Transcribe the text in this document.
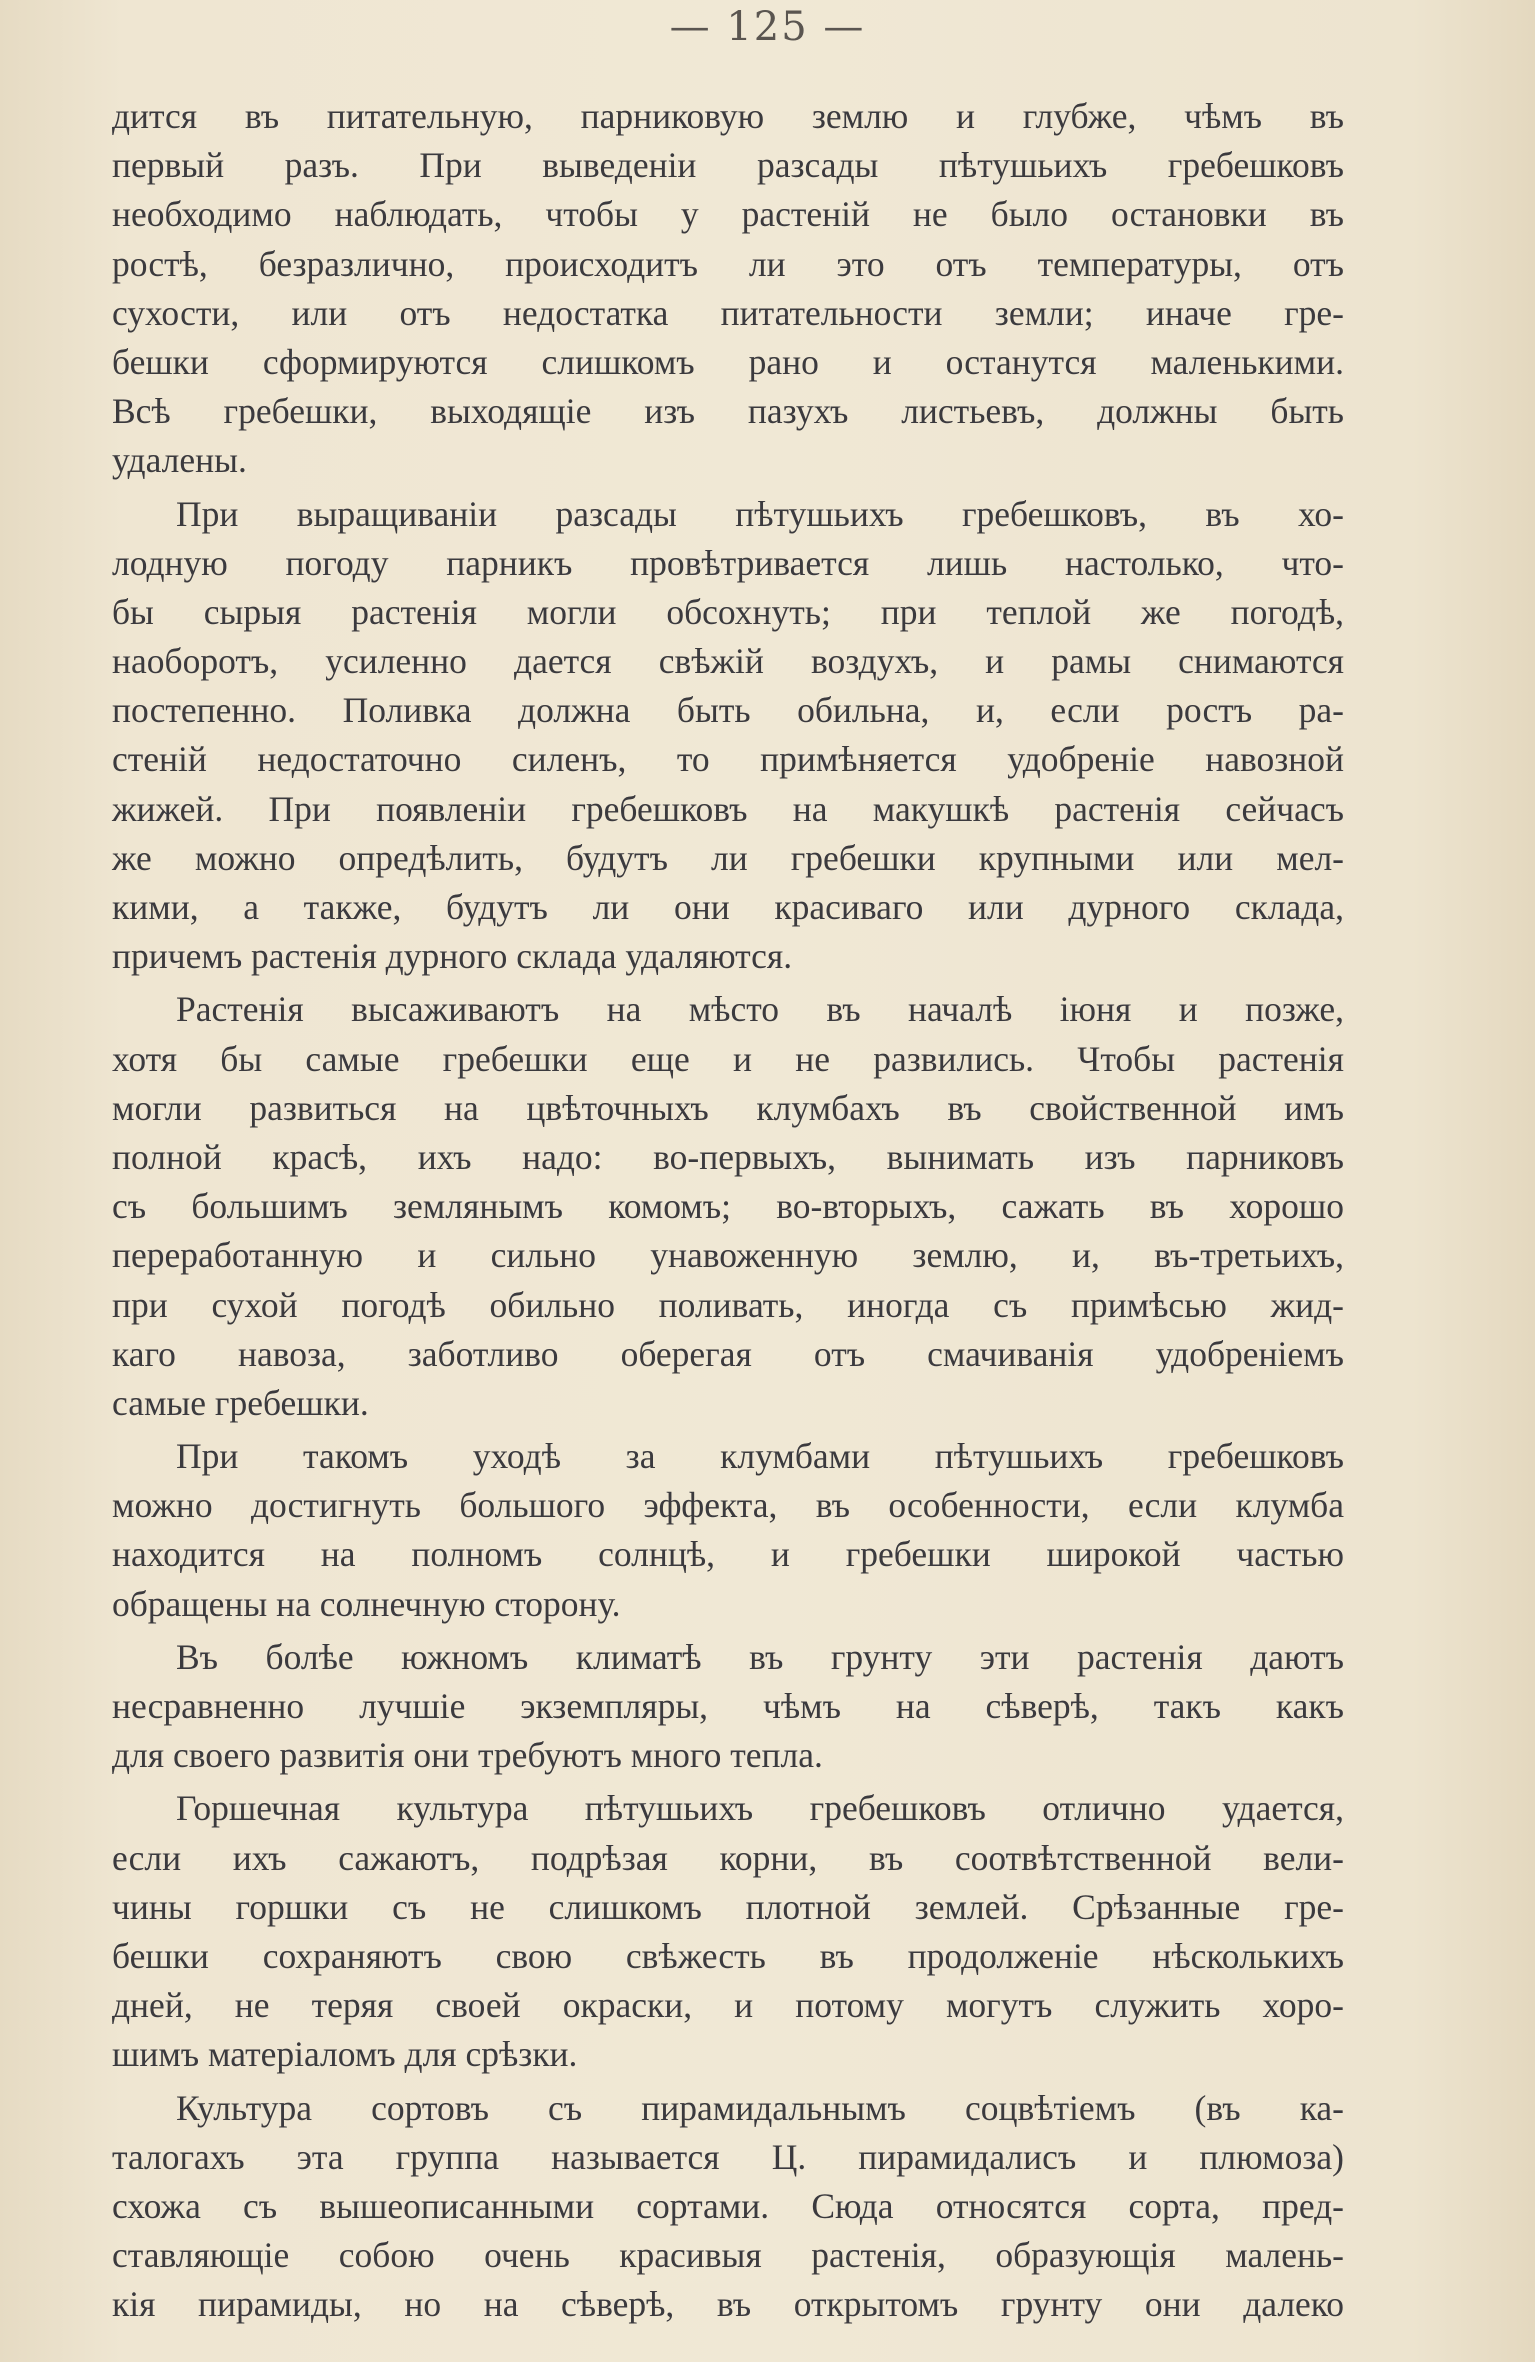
— 125 —
дится въ питательную, парниковую землю и глубже, чѣмъ въ
первый разъ. При выведеніи разсады пѣтушьихъ гребешковъ
необходимо наблюдать, чтобы у растеній не было остановки въ
ростѣ, безразлично, происходитъ ли это отъ температуры, отъ
сухости, или отъ недостатка питательности земли; иначе гре-
бешки сформируются слишкомъ рано и останутся маленькими.
Всѣ гребешки, выходящіе изъ пазухъ листьевъ, должны быть
удалены.
При выращиваніи разсады пѣтушьихъ гребешковъ, въ хо-
лодную погоду парникъ провѣтривается лишь настолько, что-
бы сырыя растенія могли обсохнуть; при теплой же погодѣ,
наоборотъ, усиленно дается свѣжій воздухъ, и рамы снимаются
постепенно. Поливка должна быть обильна, и, если ростъ ра-
стеній недостаточно силенъ, то примѣняется удобреніе навозной
жижей. При появленіи гребешковъ на макушкѣ растенія сейчасъ
же можно опредѣлить, будутъ ли гребешки крупными или мел-
кими, а также, будутъ ли они красиваго или дурного склада,
причемъ растенія дурного склада удаляются.
Растенія высаживаютъ на мѣсто въ началѣ іюня и позже,
хотя бы самые гребешки еще и не развились. Чтобы растенія
могли развиться на цвѣточныхъ клумбахъ въ свойственной имъ
полной красѣ, ихъ надо: во-первыхъ, вынимать изъ парниковъ
съ большимъ землянымъ комомъ; во-вторыхъ, сажать въ хорошо
переработанную и сильно унавоженную землю, и, въ-третьихъ,
при сухой погодѣ обильно поливать, иногда съ примѣсью жид-
каго навоза, заботливо оберегая отъ смачиванія удобреніемъ
самые гребешки.
При такомъ уходѣ за клумбами пѣтушьихъ гребешковъ
можно достигнуть большого эффекта, въ особенности, если клумба
находится на полномъ солнцѣ, и гребешки широкой частью
обращены на солнечную сторону.
Въ болѣе южномъ климатѣ въ грунту эти растенія даютъ
несравненно лучшіе экземпляры, чѣмъ на сѣверѣ, такъ какъ
для своего развитія они требуютъ много тепла.
Горшечная культура пѣтушьихъ гребешковъ отлично удается,
если ихъ сажаютъ, подрѣзая корни, въ соотвѣтственной вели-
чины горшки съ не слишкомъ плотной землей. Срѣзанные гре-
бешки сохраняютъ свою свѣжесть въ продолженіе нѣсколькихъ
дней, не теряя своей окраски, и потому могутъ служить хоро-
шимъ матеріаломъ для срѣзки.
Культура сортовъ съ пирамидальнымъ соцвѣтіемъ (въ ка-
талогахъ эта группа называется Ц. пирамидалисъ и плюмоза)
схожа съ вышеописанными сортами. Сюда относятся сорта, пред-
ставляющіе собою очень красивыя растенія, образующія малень-
кія пирамиды, но на сѣверѣ, въ открытомъ грунту они далеко
